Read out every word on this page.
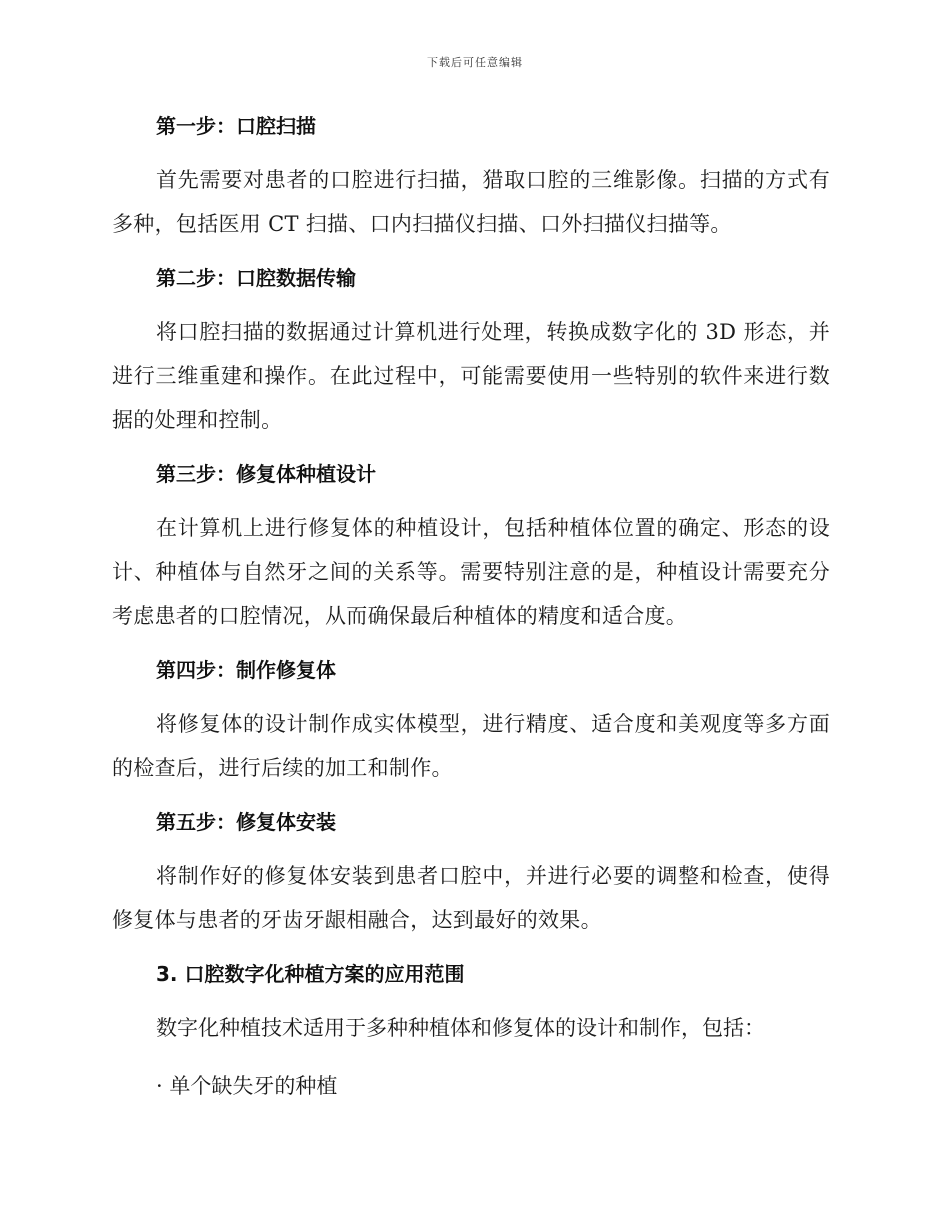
下载后可任意编辑
第一步：口腔扫描

首先需要对患者的口腔进行扫描，猎取口腔的三维影像。扫描的方式有多种，包括医用 CT 扫描、口内扫描仪扫描、口外扫描仪扫描等。

第二步：口腔数据传输

将口腔扫描的数据通过计算机进行处理，转换成数字化的 3D 形态，并进行三维重建和操作。在此过程中，可能需要使用一些特别的软件来进行数据的处理和控制。

第三步：修复体种植设计

在计算机上进行修复体的种植设计，包括种植体位置的确定、形态的设计、种植体与自然牙之间的关系等。需要特别注意的是，种植设计需要充分考虑患者的口腔情况，从而确保最后种植体的精度和适合度。

第四步：制作修复体

将修复体的设计制作成实体模型，进行精度、适合度和美观度等多方面的检查后，进行后续的加工和制作。

第五步：修复体安装

将制作好的修复体安装到患者口腔中，并进行必要的调整和检查，使得修复体与患者的牙齿牙龈相融合，达到最好的效果。

3. 口腔数字化种植方案的应用范围

数字化种植技术适用于多种种植体和修复体的设计和制作，包括：

· 单个缺失牙的种植
